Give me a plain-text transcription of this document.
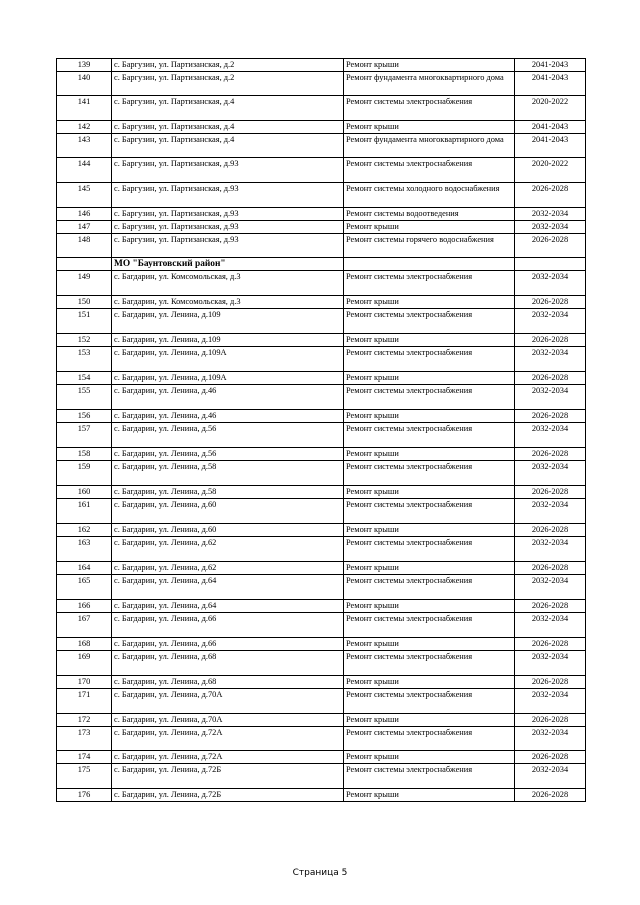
139	с. Баргузин, ул. Партизанская, д.2	Ремонт крыши	2041-2043
140	с. Баргузин, ул. Партизанская, д.2	Ремонт фундамента многоквартирного дома	2041-2043
141	с. Баргузин, ул. Партизанская, д.4	Ремонт системы электроснабжения	2020-2022
142	с. Баргузин, ул. Партизанская, д.4	Ремонт крыши	2041-2043
143	с. Баргузин, ул. Партизанская, д.4	Ремонт фундамента многоквартирного дома	2041-2043
144	с. Баргузин, ул. Партизанская, д.93	Ремонт системы электроснабжения	2020-2022
145	с. Баргузин, ул. Партизанская, д.93	Ремонт системы холодного водоснабжения	2026-2028
146	с. Баргузин, ул. Партизанская, д.93	Ремонт системы водоотведения	2032-2034
147	с. Баргузин, ул. Партизанская, д.93	Ремонт крыши	2032-2034
148	с. Баргузин, ул. Партизанская, д.93	Ремонт системы горячего водоснабжения	2026-2028
	МО "Баунтовский район"		
149	с. Багдарин, ул. Комсомольская, д.3	Ремонт системы электроснабжения	2032-2034
150	с. Багдарин, ул. Комсомольская, д.3	Ремонт крыши	2026-2028
151	с. Багдарин, ул. Ленина, д.109	Ремонт системы электроснабжения	2032-2034
152	с. Багдарин, ул. Ленина, д.109	Ремонт крыши	2026-2028
153	с. Багдарин, ул. Ленина, д.109А	Ремонт системы электроснабжения	2032-2034
154	с. Багдарин, ул. Ленина, д.109А	Ремонт крыши	2026-2028
155	с. Багдарин, ул. Ленина, д.46	Ремонт системы электроснабжения	2032-2034
156	с. Багдарин, ул. Ленина, д.46	Ремонт крыши	2026-2028
157	с. Багдарин, ул. Ленина, д.56	Ремонт системы электроснабжения	2032-2034
158	с. Багдарин, ул. Ленина, д.56	Ремонт крыши	2026-2028
159	с. Багдарин, ул. Ленина, д.58	Ремонт системы электроснабжения	2032-2034
160	с. Багдарин, ул. Ленина, д.58	Ремонт крыши	2026-2028
161	с. Багдарин, ул. Ленина, д.60	Ремонт системы электроснабжения	2032-2034
162	с. Багдарин, ул. Ленина, д.60	Ремонт крыши	2026-2028
163	с. Багдарин, ул. Ленина, д.62	Ремонт системы электроснабжения	2032-2034
164	с. Багдарин, ул. Ленина, д.62	Ремонт крыши	2026-2028
165	с. Багдарин, ул. Ленина, д.64	Ремонт системы электроснабжения	2032-2034
166	с. Багдарин, ул. Ленина, д.64	Ремонт крыши	2026-2028
167	с. Багдарин, ул. Ленина, д.66	Ремонт системы электроснабжения	2032-2034
168	с. Багдарин, ул. Ленина, д.66	Ремонт крыши	2026-2028
169	с. Багдарин, ул. Ленина, д.68	Ремонт системы электроснабжения	2032-2034
170	с. Багдарин, ул. Ленина, д.68	Ремонт крыши	2026-2028
171	с. Багдарин, ул. Ленина, д.70А	Ремонт системы электроснабжения	2032-2034
172	с. Багдарин, ул. Ленина, д.70А	Ремонт крыши	2026-2028
173	с. Багдарин, ул. Ленина, д.72А	Ремонт системы электроснабжения	2032-2034
174	с. Багдарин, ул. Ленина, д.72А	Ремонт крыши	2026-2028
175	с. Багдарин, ул. Ленина, д.72Б	Ремонт системы электроснабжения	2032-2034
176	с. Багдарин, ул. Ленина, д.72Б	Ремонт крыши	2026-2028
Страница 5
